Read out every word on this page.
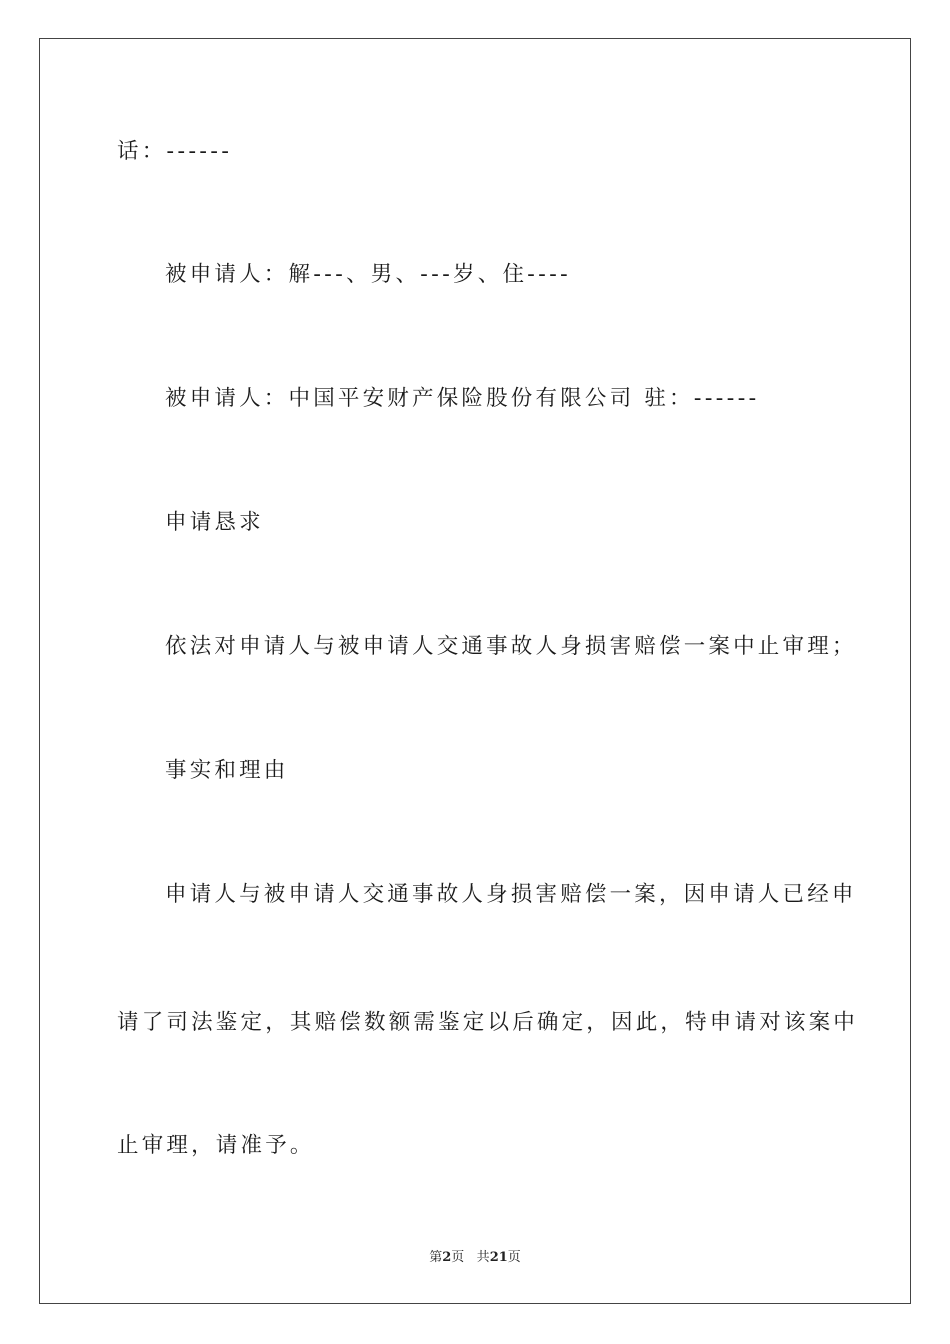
话：------
被申请人：解---、男、---岁、住----
被申请人：中国平安财产保险股份有限公司 驻：------
申请恳求
依法对申请人与被申请人交通事故人身损害赔偿一案中止审理；
事实和理由
申请人与被申请人交通事故人身损害赔偿一案，因申请人已经申
请了司法鉴定，其赔偿数额需鉴定以后确定，因此，特申请对该案中
止审理，请准予。
第2页 共21页
